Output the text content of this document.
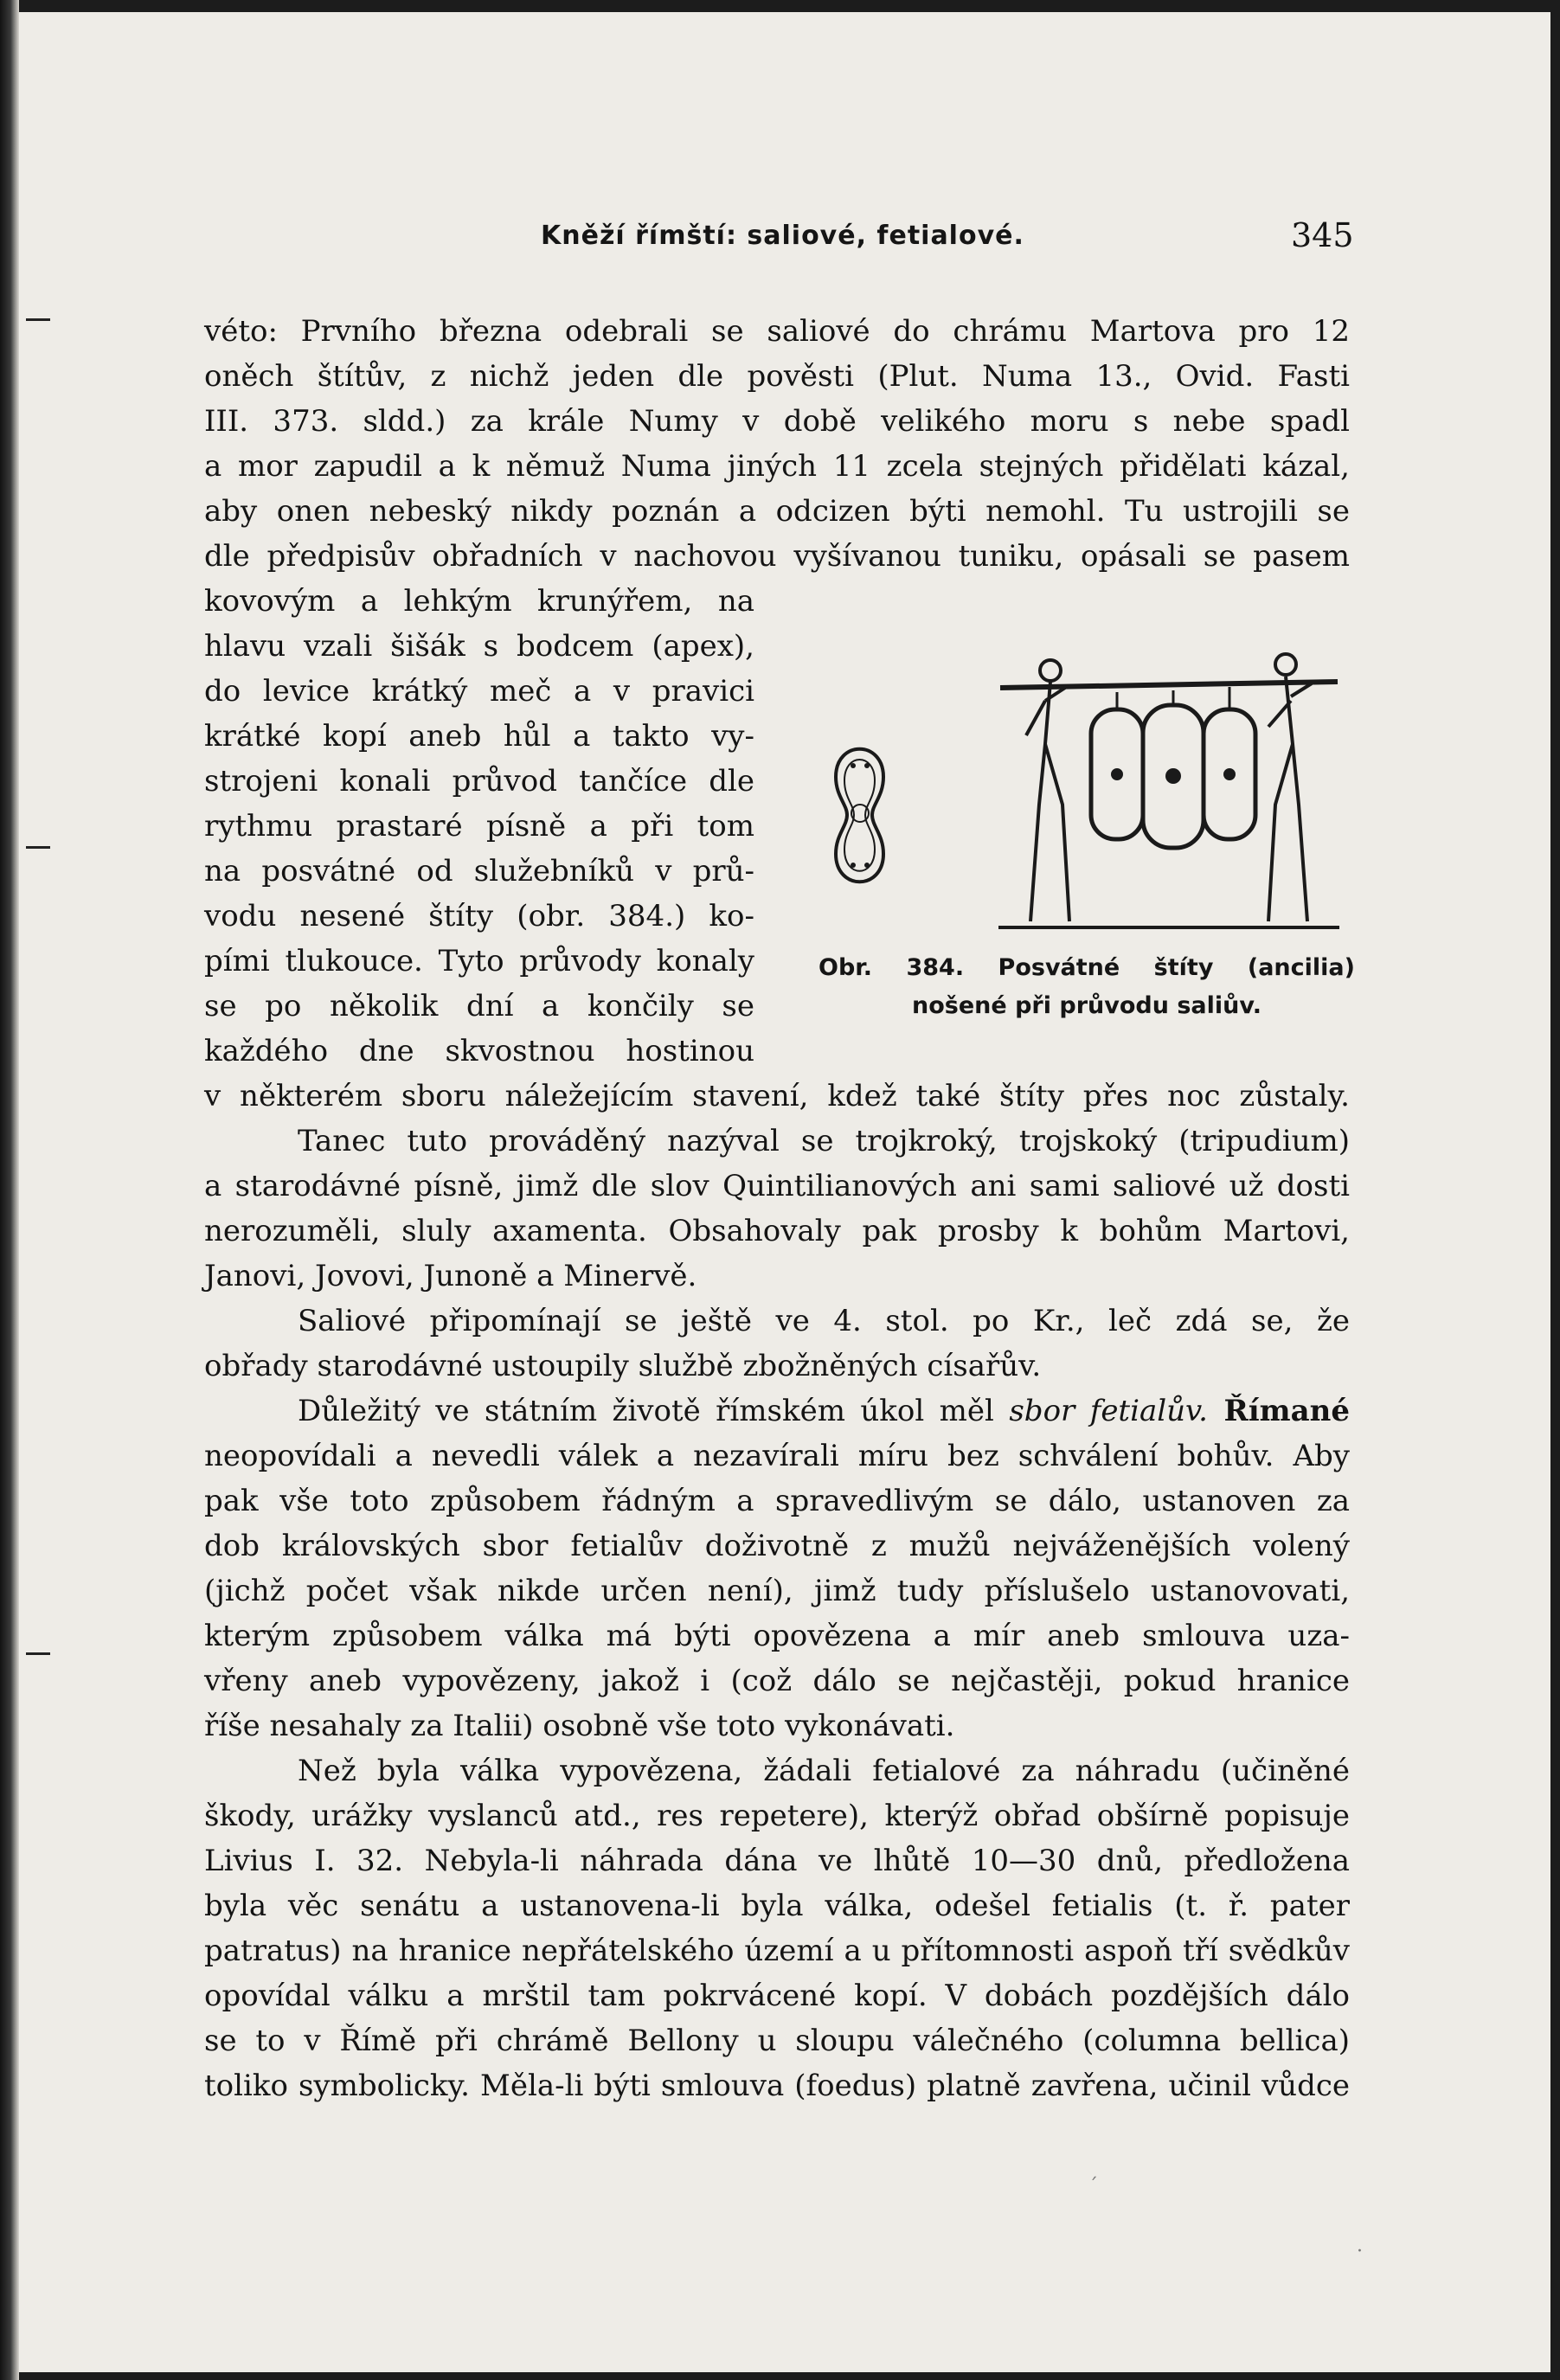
Kněží římští: saliové, fetialové.	345

véto: Prvního března odebrali se saliové do chrámu Martova pro 12

oněch štítův, z nichž jeden dle pověsti (Plut. Numa 13., Ovid. Fasti

III. 373. sldd.) za krále Numy v době velikého moru s nebe spadl

a mor zapudil a k němuž Numa jiných 11 zcela stejných přidělati kázal,

aby onen nebeský nikdy poznán a odcizen býti nemohl. Tu ustrojili se

dle předpisův obřadních v nachovou vyšívanou tuniku, opásali se pasem

kovovým a lehkým krunýřem, na

hlavu vzali šišák s bodcem (apex),

do levice krátký meč a v pravici

krátké kopí aneb hůl a takto vy-

strojeni konali průvod tančíce dle

rythmu prastaré písně a při tom

na posvátné od služebníků v prů-

vodu nesené štíty (obr. 384.) ko-

pími tlukouce. Tyto průvody konaly

se po několik dní a končily se

každého dne skvostnou hostinou

v některém sboru náležejícím stavení, kdež také štíty přes noc zůstaly.

Tanec tuto prováděný nazýval se trojkroký, trojskoký (tripudium)

a starodávné písně, jimž dle slov Quintilianových ani sami saliové už dosti

nerozuměli, sluly axamenta. Obsahovaly pak prosby k bohům Martovi,

Janovi, Jovovi, Junoně a Minervě.

Saliové připomínají se ještě ve 4. stol. po Kr., leč zdá se, že

obřady starodávné ustoupily službě zbožněných císařův.

Důležitý ve státním životě římském úkol měl sbor fetialův. Římané

neopovídali a nevedli válek a nezavírali míru bez schválení bohův. Aby

pak vše toto způsobem řádným a spravedlivým se dálo, ustanoven za

dob královských sbor fetialův doživotně z mužů nejváženějších volený

(jichž počet však nikde určen není), jimž tudy příslušelo ustanovovati,

kterým způsobem válka má býti opovězena a mír aneb smlouva uza-

vřeny aneb vypovězeny, jakož i (což dálo se nejčastěji, pokud hranice

říše nesahaly za Italii) osobně vše toto vykonávati.

Než byla válka vypovězena, žádali fetialové za náhradu (učiněné

škody, urážky vyslanců atd., res repetere), kterýž obřad obšírně popisuje

Livius I. 32. Nebyla-li náhrada dána ve lhůtě 10—30 dnů, předložena

byla věc senátu a ustanovena-li byla válka, odešel fetialis (t. ř. pater

patratus) na hranice nepřátelského území a u přítomnosti aspoň tří svědkův

opovídal válku a mrštil tam pokrvácené kopí. V dobách pozdějších dálo

se to v Římě při chrámě Bellony u sloupu válečného (columna bellica)

toliko symbolicky. Měla-li býti smlouva (foedus) platně zavřena, učinil vůdce

Obr. 384. Posvátné štíty (ancilia)
nošené při průvodu saliův.
ˊ
·
